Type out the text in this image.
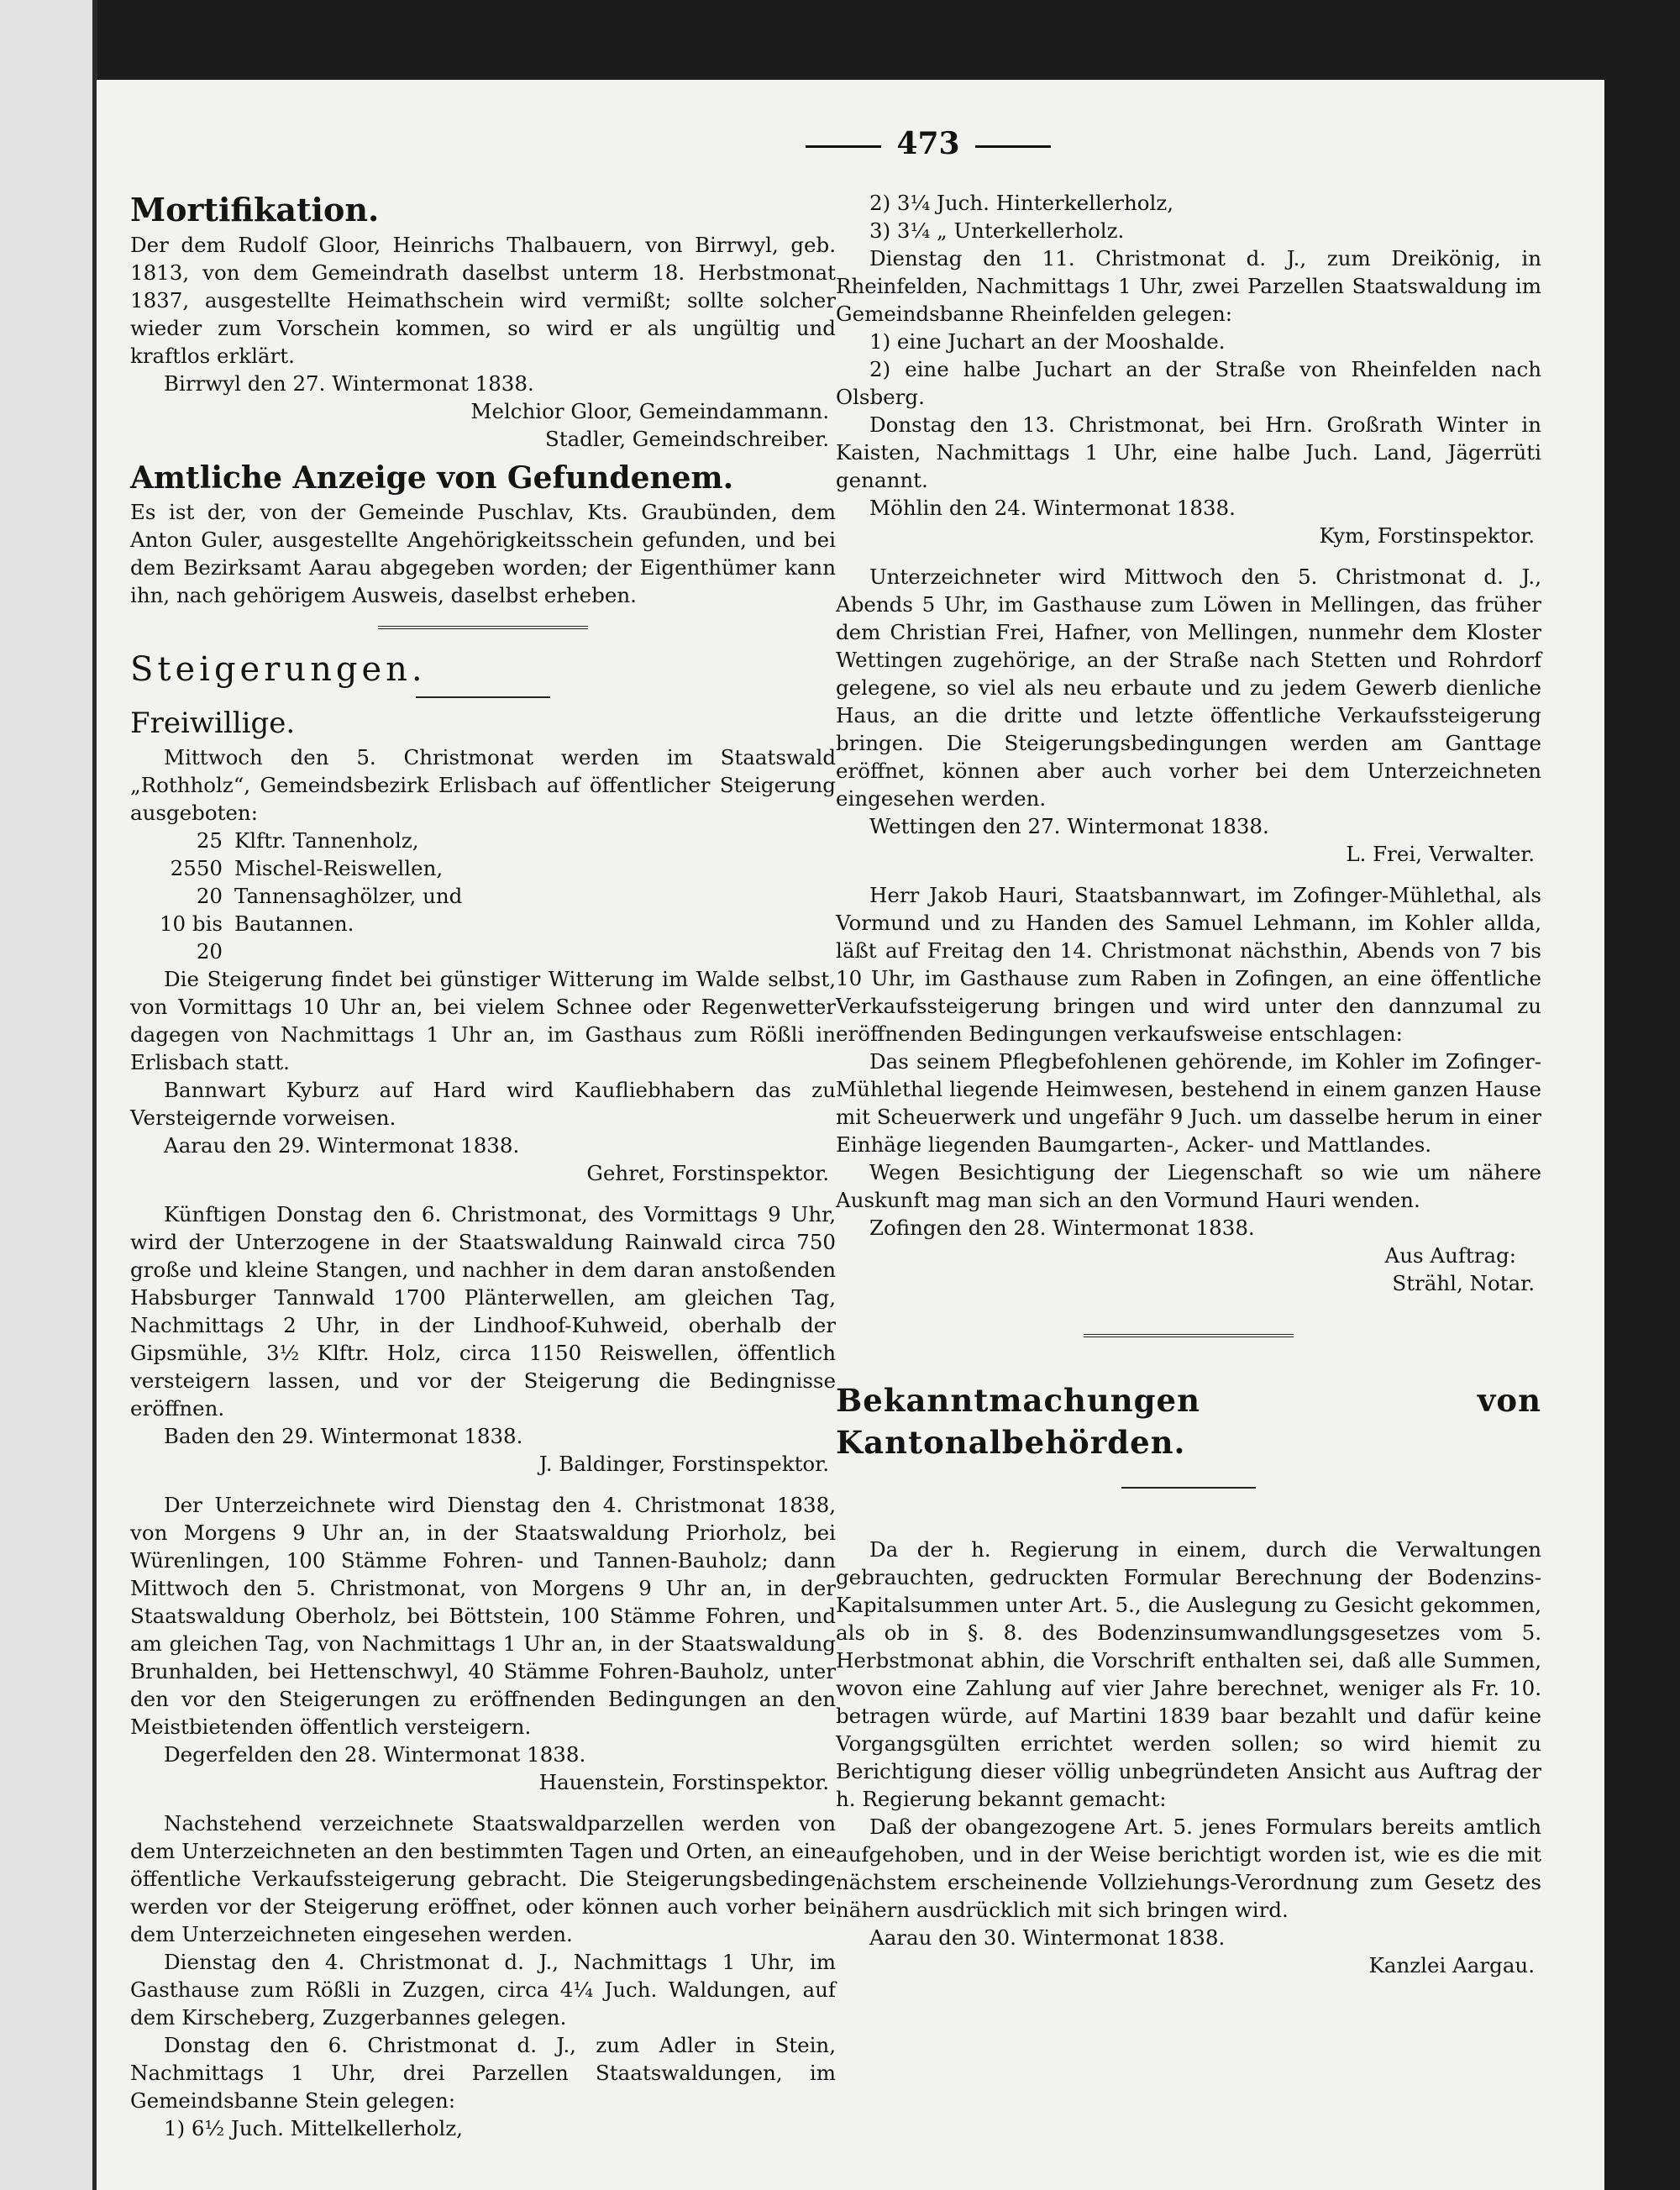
473

Mortifikation.

Der dem Rudolf Gloor, Heinrichs Thalbauern, von Birrwyl, geb. 1813, von dem Gemeindrath daselbst unterm 18. Herbstmonat 1837, ausgestellte Heimathschein wird vermißt; sollte solcher wieder zum Vorschein kommen, so wird er als ungültig und kraftlos erklärt.

Birrwyl den 27. Wintermonat 1838.

Melchior Gloor, Gemeindammann.

Stadler, Gemeindschreiber.

Amtliche Anzeige von Gefundenem.

Es ist der, von der Gemeinde Puschlav, Kts. Graubünden, dem Anton Guler, ausgestellte Angehörigkeitsschein gefunden, und bei dem Bezirksamt Aarau abgegeben worden; der Eigenthümer kann ihn, nach gehörigem Ausweis, daselbst erheben.

Steigerungen.

Freiwillige.

Mittwoch den 5. Christmonat werden im Staatswald „Rothholz“, Gemeindsbezirk Erlisbach auf öffentlicher Steigerung ausgeboten:

25 Klftr. Tannenholz,
2550 Mischel-Reiswellen,
20 Tannensaghölzer, und
10 bis 20
Bautannen.

Die Steigerung findet bei günstiger Witterung im Walde selbst, von Vormittags 10 Uhr an, bei vielem Schnee oder Regenwetter dagegen von Nachmittags 1 Uhr an, im Gasthaus zum Rößli in Erlisbach statt.

Bannwart Kyburz auf Hard wird Kaufliebhabern das zu Versteigernde vorweisen.

Aarau den 29. Wintermonat 1838.

Gehret, Forstinspektor.

Künftigen Donstag den 6. Christmonat, des Vormittags 9 Uhr, wird der Unterzogene in der Staatswaldung Rainwald circa 750 große und kleine Stangen, und nachher in dem daran anstoßenden Habsburger Tannwald 1700 Plänterwellen, am gleichen Tag, Nachmittags 2 Uhr, in der Lindhoof-Kuhweid, oberhalb der Gipsmühle, 3½ Klftr. Holz, circa 1150 Reiswellen, öffentlich versteigern lassen, und vor der Steigerung die Bedingnisse eröffnen.

Baden den 29. Wintermonat 1838.

J. Baldinger, Forstinspektor.

Der Unterzeichnete wird Dienstag den 4. Christmonat 1838, von Morgens 9 Uhr an, in der Staatswaldung Priorholz, bei Würenlingen, 100 Stämme Fohren- und Tannen-Bauholz; dann Mittwoch den 5. Christmonat, von Morgens 9 Uhr an, in der Staatswaldung Oberholz, bei Böttstein, 100 Stämme Fohren, und am gleichen Tag, von Nachmittags 1 Uhr an, in der Staatswaldung Brunhalden, bei Hettenschwyl, 40 Stämme Fohren-Bauholz, unter den vor den Steigerungen zu eröffnenden Bedingungen an den Meistbietenden öffentlich versteigern.

Degerfelden den 28. Wintermonat 1838.

Hauenstein, Forstinspektor.

Nachstehend verzeichnete Staatswaldparzellen werden von dem Unterzeichneten an den bestimmten Tagen und Orten, an eine öffentliche Verkaufssteigerung gebracht. Die Steigerungsbedinge werden vor der Steigerung eröffnet, oder können auch vorher bei dem Unterzeichneten eingesehen werden.

Dienstag den 4. Christmonat d. J., Nachmittags 1 Uhr, im Gasthause zum Rößli in Zuzgen, circa 4¼ Juch. Waldungen, auf dem Kirscheberg, Zuzgerbannes gelegen.

Donstag den 6. Christmonat d. J., zum Adler in Stein, Nachmittags 1 Uhr, drei Parzellen Staatswaldungen, im Gemeindsbanne Stein gelegen:

1) 6½ Juch. Mittelkellerholz,

2) 3¼ Juch. Hinterkellerholz,

3) 3¼ „ Unterkellerholz.

Dienstag den 11. Christmonat d. J., zum Dreikönig, in Rheinfelden, Nachmittags 1 Uhr, zwei Parzellen Staatswaldung im Gemeindsbanne Rheinfelden gelegen:

1) eine Juchart an der Mooshalde.

2) eine halbe Juchart an der Straße von Rheinfelden nach Olsberg.

Donstag den 13. Christmonat, bei Hrn. Großrath Winter in Kaisten, Nachmittags 1 Uhr, eine halbe Juch. Land, Jägerrüti genannt.

Möhlin den 24. Wintermonat 1838.

Kym, Forstinspektor.

Unterzeichneter wird Mittwoch den 5. Christmonat d. J., Abends 5 Uhr, im Gasthause zum Löwen in Mellingen, das früher dem Christian Frei, Hafner, von Mellingen, nunmehr dem Kloster Wettingen zugehörige, an der Straße nach Stetten und Rohrdorf gelegene, so viel als neu erbaute und zu jedem Gewerb dienliche Haus, an die dritte und letzte öffentliche Verkaufssteigerung bringen. Die Steigerungsbedingungen werden am Ganttage eröffnet, können aber auch vorher bei dem Unterzeichneten eingesehen werden.

Wettingen den 27. Wintermonat 1838.

L. Frei, Verwalter.

Herr Jakob Hauri, Staatsbannwart, im Zofinger-Mühlethal, als Vormund und zu Handen des Samuel Lehmann, im Kohler allda, läßt auf Freitag den 14. Christmonat nächsthin, Abends von 7 bis 10 Uhr, im Gasthause zum Raben in Zofingen, an eine öffentliche Verkaufssteigerung bringen und wird unter den dannzumal zu eröffnenden Bedingungen verkaufsweise entschlagen:

Das seinem Pflegbefohlenen gehörende, im Kohler im Zofinger-Mühlethal liegende Heimwesen, bestehend in einem ganzen Hause mit Scheuerwerk und ungefähr 9 Juch. um dasselbe herum in einer Einhäge liegenden Baumgarten-, Acker- und Mattlandes.

Wegen Besichtigung der Liegenschaft so wie um nähere Auskunft mag man sich an den Vormund Hauri wenden.

Zofingen den 28. Wintermonat 1838.

Aus Auftrag:

Strähl, Notar.

Bekanntmachungen von Kantonalbehörden.

Da der h. Regierung in einem, durch die Verwaltungen gebrauchten, gedruckten Formular Berechnung der Bodenzins-Kapitalsummen unter Art. 5., die Auslegung zu Gesicht gekommen, als ob in §. 8. des Bodenzinsumwandlungsgesetzes vom 5. Herbstmonat abhin, die Vorschrift enthalten sei, daß alle Summen, wovon eine Zahlung auf vier Jahre berechnet, weniger als Fr. 10. betragen würde, auf Martini 1839 baar bezahlt und dafür keine Vorgangsgülten errichtet werden sollen; so wird hiemit zu Berichtigung dieser völlig unbegründeten Ansicht aus Auftrag der h. Regierung bekannt gemacht:

Daß der obangezogene Art. 5. jenes Formulars bereits amtlich aufgehoben, und in der Weise berichtigt worden ist, wie es die mit nächstem erscheinende Vollziehungs-Verordnung zum Gesetz des nähern ausdrücklich mit sich bringen wird.

Aarau den 30. Wintermonat 1838.

Kanzlei Aargau.
